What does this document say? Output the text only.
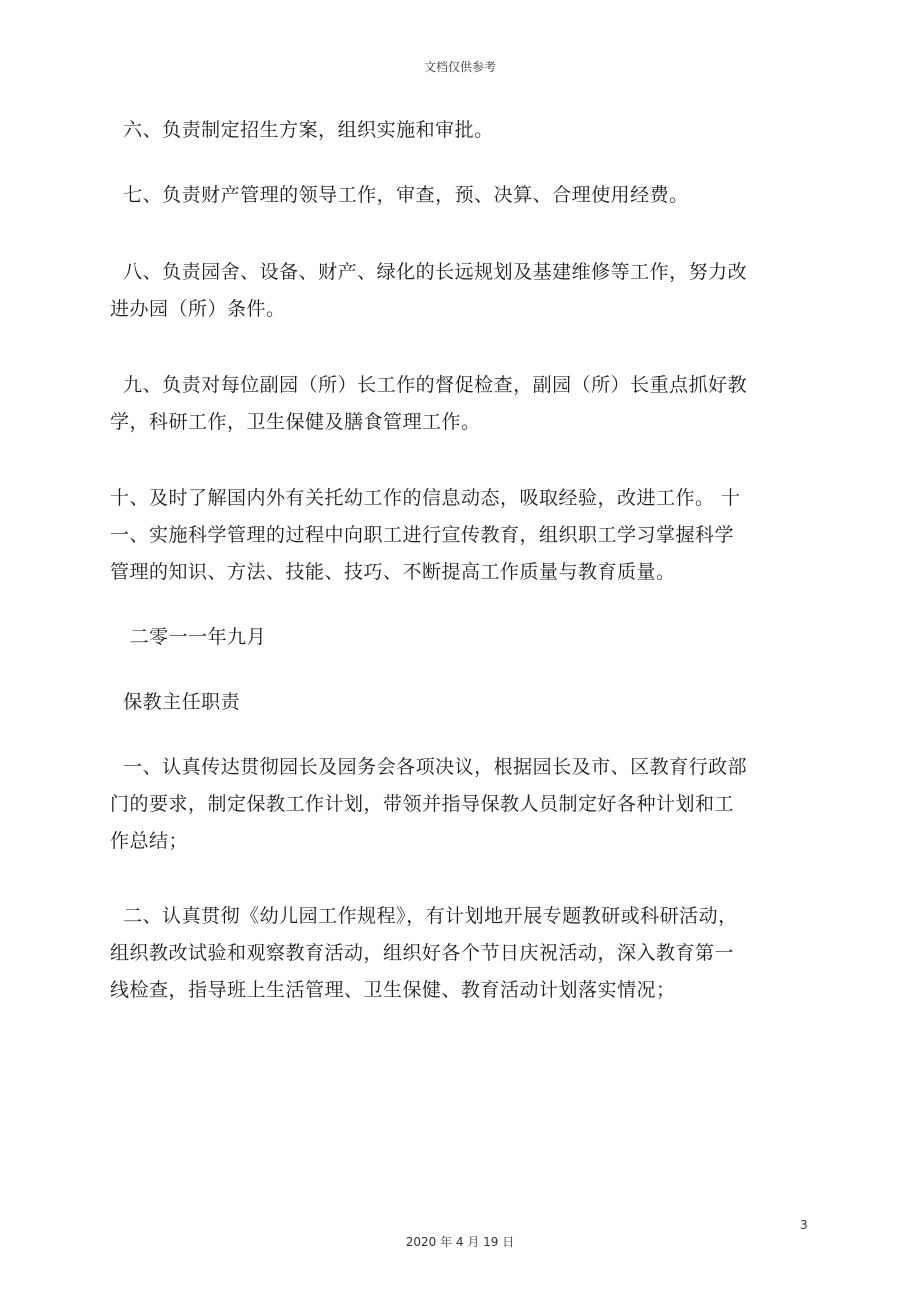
文档仅供参考

六、负责制定招生方案，组织实施和审批。

七、负责财产管理的领导工作，审查，预、决算、合理使用经费。

八、负责园舍、设备、财产、绿化的长远规划及基建维修等工作，努力改进办园（所）条件。

九、负责对每位副园（所）长工作的督促检查，副园（所）长重点抓好教学，科研工作，卫生保健及膳食管理工作。

十、及时了解国内外有关托幼工作的信息动态，吸取经验，改进工作。 十一、实施科学管理的过程中向职工进行宣传教育，组织职工学习掌握科学管理的知识、方法、技能、技巧、不断提高工作质量与教育质量。

二零一一年九月

保教主任职责

一、认真传达贯彻园长及园务会各项决议，根据园长及市、区教育行政部门的要求，制定保教工作计划，带领并指导保教人员制定好各种计划和工作总结；

二、认真贯彻《幼儿园工作规程》，有计划地开展专题教研或科研活动，组织教改试验和观察教育活动，组织好各个节日庆祝活动，深入教育第一线检查，指导班上生活管理、卫生保健、教育活动计划落实情况；

3
2020 年 4 月 19 日
